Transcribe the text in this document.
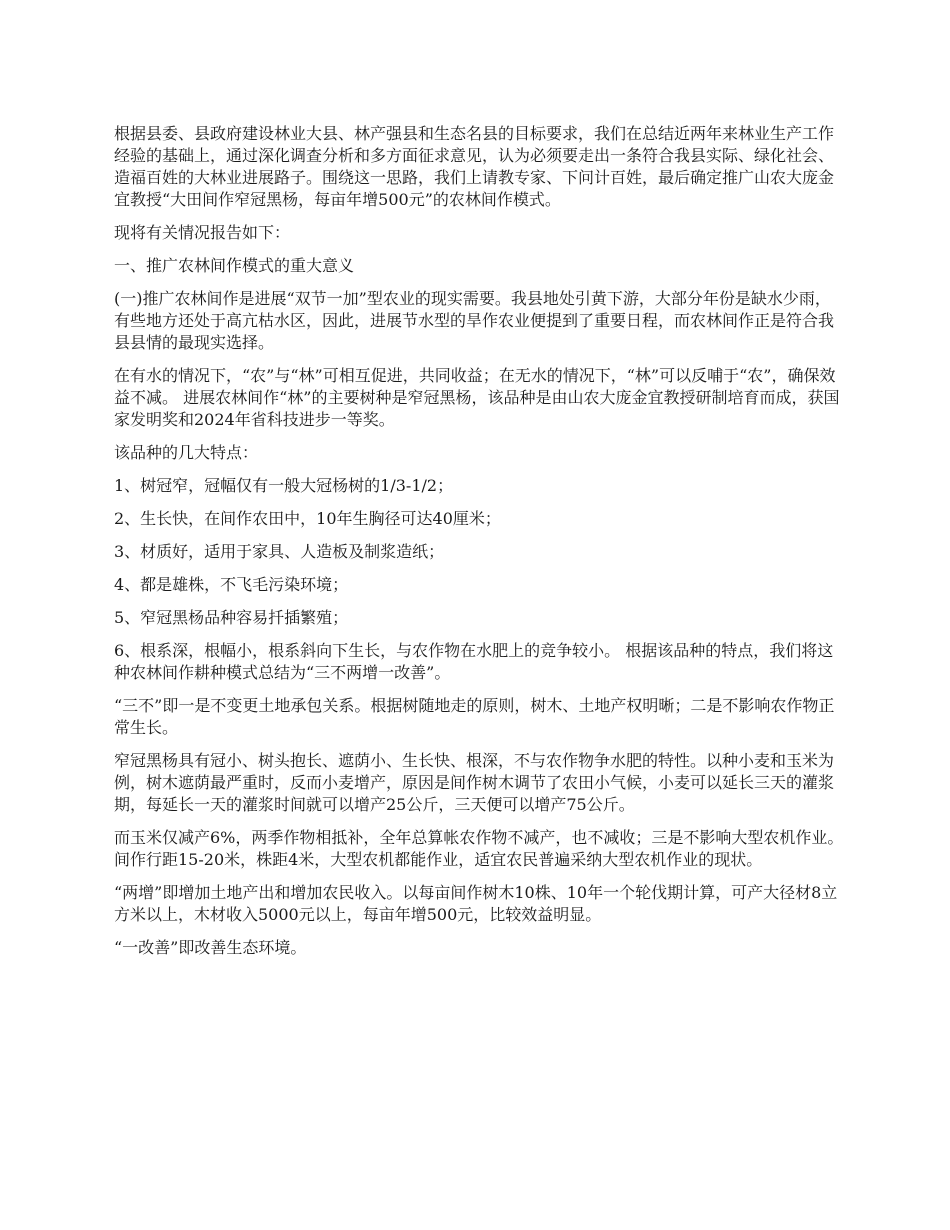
根据县委、县政府建设林业大县、林产强县和生态名县的目标要求，我们在总结近两年来林业生产工作经验的基础上，通过深化调查分析和多方面征求意见，认为必须要走出一条符合我县实际、绿化社会、造福百姓的大林业进展路子。围绕这一思路，我们上请教专家、下问计百姓，最后确定推广山农大庞金宜教授“大田间作窄冠黑杨，每亩年增500元”的农林间作模式。

现将有关情况报告如下：

一、推广农林间作模式的重大意义

(一)推广农林间作是进展“双节一加”型农业的现实需要。我县地处引黄下游，大部分年份是缺水少雨，有些地方还处于高亢枯水区，因此，进展节水型的旱作农业便提到了重要日程，而农林间作正是符合我县县情的最现实选择。

在有水的情况下，“农”与“林”可相互促进，共同收益；在无水的情况下，“林”可以反哺于“农”，确保效益不减。 进展农林间作“林”的主要树种是窄冠黑杨，该品种是由山农大庞金宜教授研制培育而成，获国家发明奖和2024年省科技进步一等奖。

该品种的几大特点：

1、树冠窄，冠幅仅有一般大冠杨树的1/3-1/2；

2、生长快，在间作农田中，10年生胸径可达40厘米；

3、材质好，适用于家具、人造板及制浆造纸；

4、都是雄株，不飞毛污染环境；

5、窄冠黑杨品种容易扦插繁殖；

6、根系深，根幅小，根系斜向下生长，与农作物在水肥上的竞争较小。 根据该品种的特点，我们将这种农林间作耕种模式总结为“三不两增一改善”。

“三不”即一是不变更土地承包关系。根据树随地走的原则，树木、土地产权明晰；二是不影响农作物正常生长。

窄冠黑杨具有冠小、树头抱长、遮荫小、生长快、根深，不与农作物争水肥的特性。以种小麦和玉米为例，树木遮荫最严重时，反而小麦增产，原因是间作树木调节了农田小气候，小麦可以延长三天的灌浆期，每延长一天的灌浆时间就可以增产25公斤，三天便可以增产75公斤。

而玉米仅减产6%，两季作物相抵补，全年总算帐农作物不减产，也不减收；三是不影响大型农机作业。间作行距15-20米，株距4米，大型农机都能作业，适宜农民普遍采纳大型农机作业的现状。

“两增”即增加土地产出和增加农民收入。以每亩间作树木10株、10年一个轮伐期计算，可产大径材8立方米以上，木材收入5000元以上，每亩年增500元，比较效益明显。

“一改善”即改善生态环境。
